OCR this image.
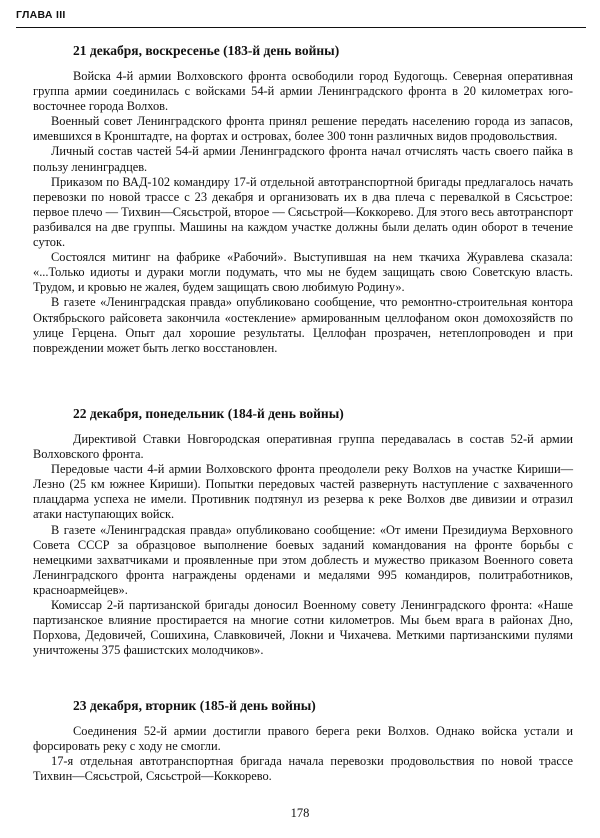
ГЛАВА III
21 декабря, воскресенье (183-й день войны)

Войска 4-й армии Волховского фронта освободили город Будогощь. Северная оперативная группа армии соединилась с войсками 54-й армии Ленинградского фронта в 20 километрах юго-восточнее города Волхов.

Военный совет Ленинградского фронта принял решение передать населению города из запасов, имевшихся в Кронштадте, на фортах и островах, более 300 тонн различных видов продовольствия.

Личный состав частей 54-й армии Ленинградского фронта начал отчислять часть своего пайка в пользу ленинградцев.

Приказом по ВАД-102 командиру 17-й отдельной автотранспортной бригады предлагалось начать перевозки по новой трассе с 23 декабря и организовать их в два плеча с перевалкой в Сясьстрое: первое плечо — Тихвин—Сясьстрой, второе — Сясьстрой—Коккорево. Для этого весь автотранспорт разбивался на две группы. Машины на каждом участке должны были делать один оборот в течение суток.

Состоялся митинг на фабрике «Рабочий». Выступившая на нем ткачиха Журавлева сказала: «...Только идиоты и дураки могли подумать, что мы не будем защищать свою Советскую власть. Трудом, и кровью не жалея, будем защищать свою любимую Родину».

В газете «Ленинградская правда» опубликовано сообщение, что ремонтно-строительная контора Октябрьского райсовета закончила «остекление» армированным целлофаном окон домохозяйств по улице Герцена. Опыт дал хорошие результаты. Целлофан прозрачен, нетеплопроводен и при повреждении может быть легко восстановлен.

22 декабря, понедельник (184-й день войны)

Директивой Ставки Новгородская оперативная группа передавалась в состав 52-й армии Волховского фронта.

Передовые части 4-й армии Волховского фронта преодолели реку Волхов на участке Кириши—Лезно (25 км южнее Кириши). Попытки передовых частей развернуть наступление с захваченного плацдарма успеха не имели. Противник подтянул из резерва к реке Волхов две дивизии и отразил атаки наступающих войск.

В газете «Ленинградская правда» опубликовано сообщение: «От имени Президиума Верховного Совета СССР за образцовое выполнение боевых заданий командования на фронте борьбы с немецкими захватчиками и проявленные при этом доблесть и мужество приказом Военного совета Ленинградского фронта награждены орденами и медалями 995 командиров, политработников, красноармейцев».

Комиссар 2-й партизанской бригады доносил Военному совету Ленинградского фронта: «Наше партизанское влияние простирается на многие сотни километров. Мы бьем врага в районах Дно, Порхова, Дедовичей, Сошихина, Славковичей, Локни и Чихачева. Меткими партизанскими пулями уничтожены 375 фашистских молодчиков».

23 декабря, вторник (185-й день войны)

Соединения 52-й армии достигли правого берега реки Волхов. Однако войска устали и форсировать реку с ходу не смогли.

17-я отдельная автотранспортная бригада начала перевозки продовольствия по новой трассе Тихвин—Сясьстрой, Сясьстрой—Коккорево.

178
